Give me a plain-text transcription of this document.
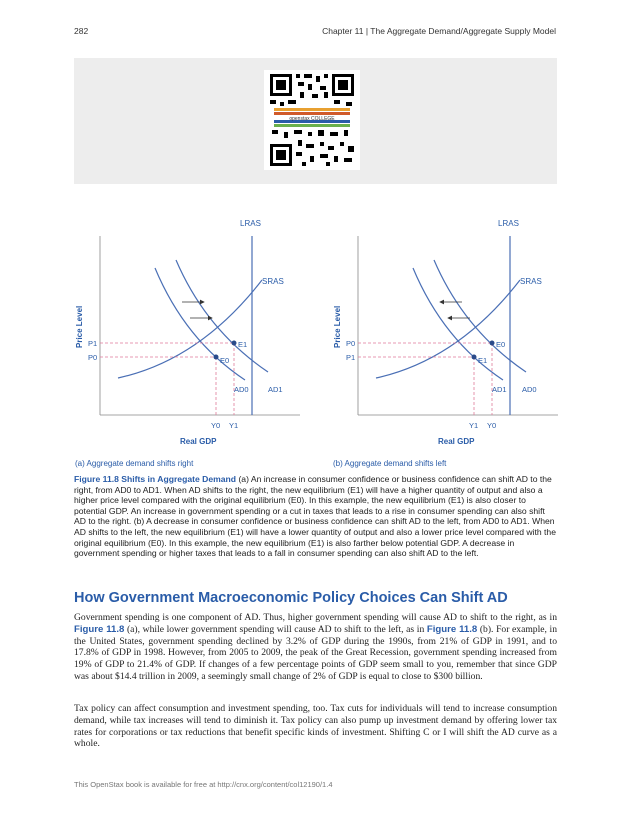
282	Chapter 11 | The Aggregate Demand/Aggregate Supply Model
openstax COLLEGE
LRAS
SRAS
Price Level
Real GDP
P1
P0
E1
E0
AD0	AD1
Y0 Y1
(a) Aggregate demand shifts right
LRAS
SRAS
Price Level
Real GDP
P0
P1
E0
E1
AD1 AD0
Y1 Y0
(b) Aggregate demand shifts left
Figure 11.8 Shifts in Aggregate Demand (a) An increase in consumer confidence or business confidence can shift AD to the right, from AD0 to AD1. When AD shifts to the right, the new equilibrium (E1) will have a higher quantity of output and also a higher price level compared with the original equilibrium (E0). In this example, the new equilibrium (E1) is also closer to potential GDP. An increase in government spending or a cut in taxes that leads to a rise in consumer spending can also shift AD to the right. (b) A decrease in consumer confidence or business confidence can shift AD to the left, from AD0 to AD1. When AD shifts to the left, the new equilibrium (E1) will have a lower quantity of output and also a lower price level compared with the original equilibrium (E0). In this example, the new equilibrium (E1) is also farther below potential GDP. A decrease in government spending or higher taxes that leads to a fall in consumer spending can also shift AD to the left.
How Government Macroeconomic Policy Choices Can Shift AD

Government spending is one component of AD. Thus, higher government spending will cause AD to shift to the right, as in Figure 11.8 (a), while lower government spending will cause AD to shift to the left, as in Figure 11.8 (b). For example, in the United States, government spending declined by 3.2% of GDP during the 1990s, from 21% of GDP in 1991, and to 17.8% of GDP in 1998. However, from 2005 to 2009, the peak of the Great Recession, government spending increased from 19% of GDP to 21.4% of GDP. If changes of a few percentage points of GDP seem small to you, remember that since GDP was about $14.4 trillion in 2009, a seemingly small change of 2% of GDP is equal to close to $300 billion.

Tax policy can affect consumption and investment spending, too. Tax cuts for individuals will tend to increase consumption demand, while tax increases will tend to diminish it. Tax policy can also pump up investment demand by offering lower tax rates for corporations or tax reductions that benefit specific kinds of investment. Shifting C or I will shift the AD curve as a whole.

This OpenStax book is available for free at http://cnx.org/content/col12190/1.4
